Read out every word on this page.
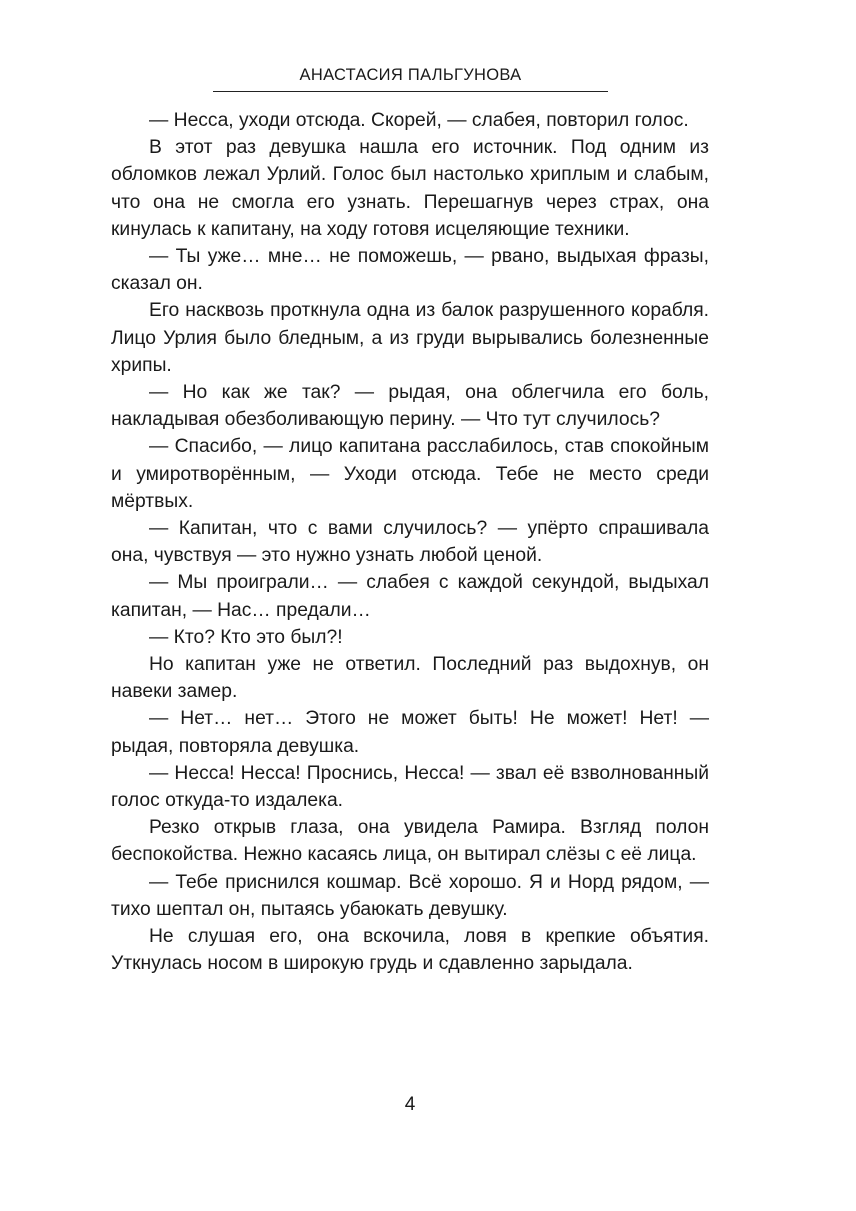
АНАСТАСИЯ ПАЛЬГУНОВА

— Несса, уходи отсюда. Скорей, — слабея, повторил голос.

В этот раз девушка нашла его источник. Под одним из обломков лежал Урлий. Голос был настолько хриплым и слабым, что она не смогла его узнать. Перешагнув через страх, она кинулась к капитану, на ходу готовя исцеляющие техники.

— Ты уже… мне… не поможешь, — рвано, выдыхая фразы, сказал он.

Его насквозь проткнула одна из балок разрушенного корабля. Лицо Урлия было бледным, а из груди вырывались болезненные хрипы.

— Но как же так? — рыдая, она облегчила его боль, накладывая обезболивающую перину. — Что тут случилось?

— Спасибо, — лицо капитана расслабилось, став спокойным и умиротворённым, — Уходи отсюда. Тебе не место среди мёртвых.

— Капитан, что с вами случилось? — упёрто спрашивала она, чувствуя — это нужно узнать любой ценой.

— Мы проиграли… — слабея с каждой секундой, выдыхал капитан, — Нас… предали…

— Кто? Кто это был?!

Но капитан уже не ответил. Последний раз выдохнув, он навеки замер.

— Нет… нет… Этого не может быть! Не может! Нет! — рыдая, повторяла девушка.

— Несса! Несса! Проснись, Несса! — звал её взволнованный голос откуда-то издалека.

Резко открыв глаза, она увидела Рамира. Взгляд полон беспокойства. Нежно касаясь лица, он вытирал слёзы с её лица.

— Тебе приснился кошмар. Всё хорошо. Я и Норд рядом, — тихо шептал он, пытаясь убаюкать девушку.

Не слушая его, она вскочила, ловя в крепкие объятия. Уткнулась носом в широкую грудь и сдавленно зарыдала.

4
